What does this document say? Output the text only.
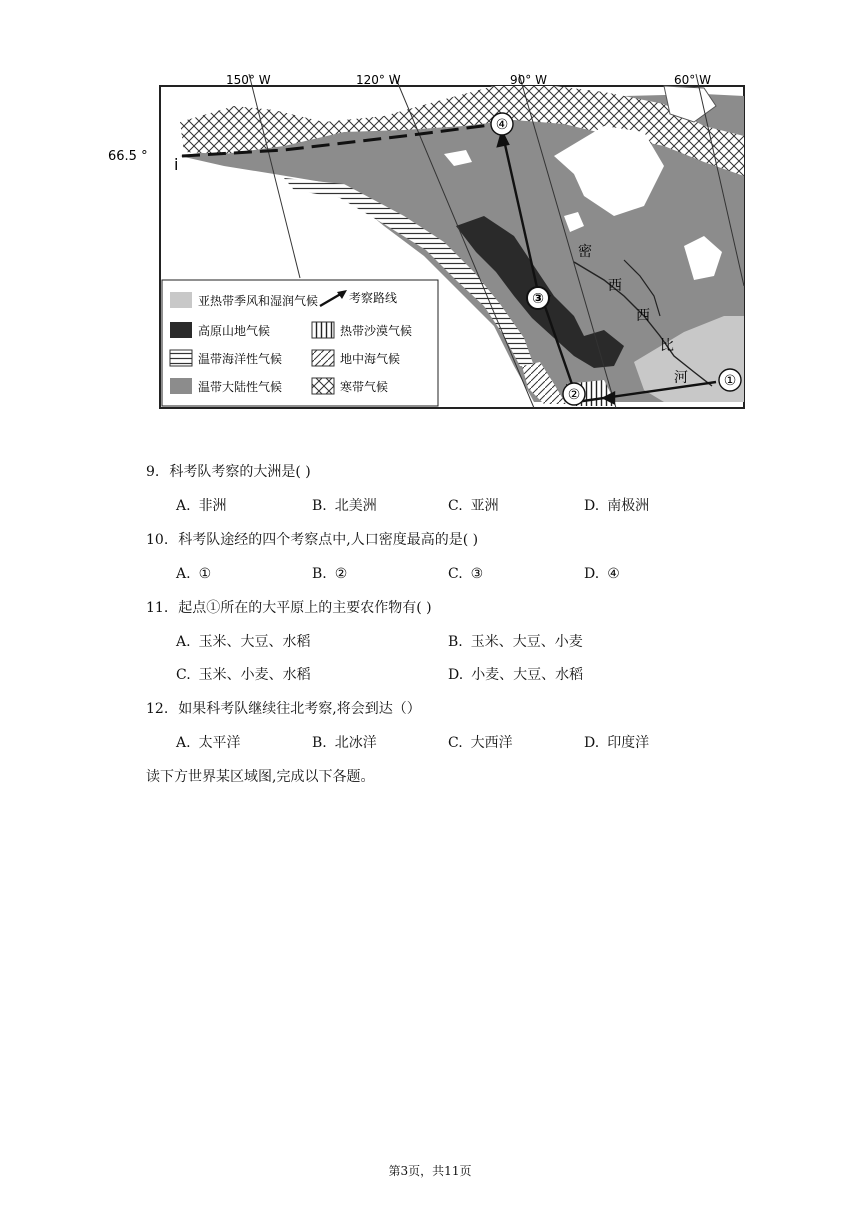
①
②
③
④
密
西
西
比
河
150° W	120° W	90° W	60° W
66.5 ° i
亚热带季风和湿润气候	考察路线
高原山地气候	热带沙漠气候
温带海洋性气候	地中海气候
温带大陆性气候	寒带气候
9. 科考队考察的大洲是( )
A. 非洲	B. 北美洲	C. 亚洲	D. 南极洲
10. 科考队途经的四个考察点中,人口密度最高的是( )
A. ①	B. ②	C. ③	D. ④
11. 起点①所在的大平原上的主要农作物有( )
A. 玉米、大豆、水稻	B. 玉米、大豆、小麦
C. 玉米、小麦、水稻	D. 小麦、大豆、水稻
12. 如果科考队继续往北考察,将会到达（）
A. 太平洋	B. 北冰洋	C. 大西洋	D. 印度洋
读下方世界某区域图,完成以下各题。
第3页，共11页
